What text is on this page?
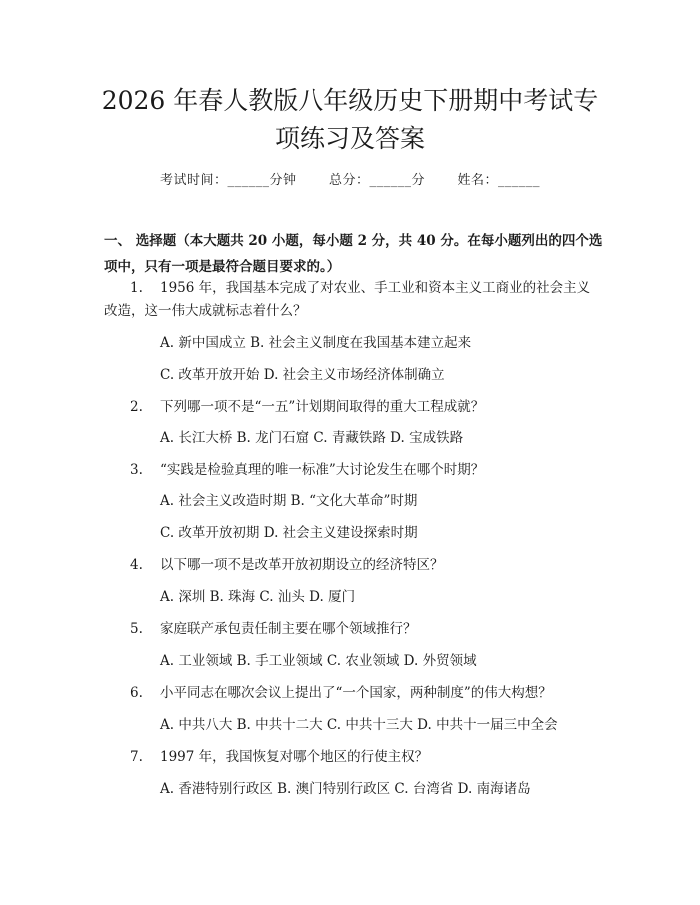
2026 年春人教版八年级历史下册期中考试专
项练习及答案
考试时间：______分钟 总分：______分 姓名：______
一、 选择题（本大题共 20 小题，每小题 2 分，共 40 分。在每小题列出的四个选
项中，只有一项是最符合题目要求的。）
1. 1956 年，我国基本完成了对农业、手工业和资本主义工商业的社会主义
改造，这一伟大成就标志着什么？
A. 新中国成立 B. 社会主义制度在我国基本建立起来
C. 改革开放开始 D. 社会主义市场经济体制确立
2. 下列哪一项不是“一五”计划期间取得的重大工程成就？
A. 长江大桥 B. 龙门石窟 C. 青藏铁路 D. 宝成铁路
3. “实践是检验真理的唯一标准”大讨论发生在哪个时期？
A. 社会主义改造时期 B. “文化大革命”时期
C. 改革开放初期 D. 社会主义建设探索时期
4. 以下哪一项不是改革开放初期设立的经济特区？
A. 深圳 B. 珠海 C. 汕头 D. 厦门
5. 家庭联产承包责任制主要在哪个领域推行？
A. 工业领域 B. 手工业领域 C. 农业领域 D. 外贸领域
6. 小平同志在哪次会议上提出了“一个国家，两种制度”的伟大构想？
A. 中共八大 B. 中共十二大 C. 中共十三大 D. 中共十一届三中全会
7. 1997 年，我国恢复对哪个地区的行使主权？
A. 香港特别行政区 B. 澳门特别行政区 C. 台湾省 D. 南海诸岛
